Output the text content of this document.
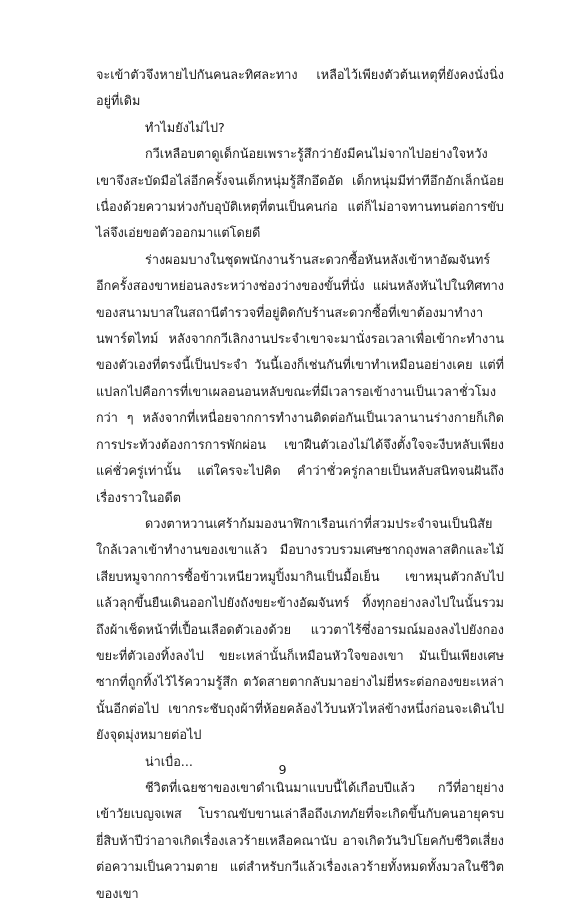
จะเข้าตัวจึงหายไปกันคนละทิศละทาง เหลือไว้เพียงตัวต้นเหตุที่ยังคงนั่งนิ่งอยู่ที่เดิม

ทำไมยังไม่ไป?

กวีเหลือบตาดูเด็กน้อยเพราะรู้สึกว่ายังมีคนไม่จากไปอย่างใจหวัง เขาจึงสะบัดมือไล่อีกครั้งจนเด็กหนุ่มรู้สึกอึดอัด เด็กหนุ่มมีท่าทีอึกอักเล็กน้อยเนื่องด้วยความห่วงกับอุบัติเหตุที่ตนเป็นคนก่อ แต่ก็ไม่อาจทานทนต่อการขับไล่จึงเอ่ยขอตัวออกมาแต่โดยดี

ร่างผอมบางในชุดพนักงานร้านสะดวกซื้อหันหลังเข้าหาอัฒจันทร์อีกครั้งสองขาหย่อนลงระหว่างช่องว่างของขั้นที่นั่ง แผ่นหลังหันไปในทิศทางของสนามบาสในสถานีตำรวจที่อยู่ติดกับร้านสะดวกซื้อที่เขาต้องมาทำงานพาร์ตไทม์ หลังจากกวีเลิกงานประจำเขาจะมานั่งรอเวลาเพื่อเข้ากะทำงานของตัวเองที่ตรงนี้เป็นประจำ วันนี้เองก็เช่นกันที่เขาทำเหมือนอย่างเคย แต่ที่แปลกไปคือการที่เขาเผลอนอนหลับขณะที่มีเวลารอเข้างานเป็นเวลาชั่วโมงกว่า ๆ หลังจากที่เหนื่อยจากการทำงานติดต่อกันเป็นเวลานานร่างกายก็เกิดการประท้วงต้องการการพักผ่อน เขาฝืนตัวเองไม่ได้จึงตั้งใจจะงีบหลับเพียงแค่ชั่วครู่เท่านั้น แต่ใครจะไปคิด คำว่าชั่วครู่กลายเป็นหลับสนิทจนฝันถึงเรื่องราวในอดีต

ดวงตาหวานเศร้าก้มมองนาฬิกาเรือนเก่าที่สวมประจำจนเป็นนิสัย ใกล้เวลาเข้าทำงานของเขาแล้ว มือบางรวบรวมเศษซากถุงพลาสติกและไม้เสียบหมูจากการซื้อข้าวเหนียวหมูปิ้งมากินเป็นมื้อเย็น เขาหมุนตัวกลับไปแล้วลุกขึ้นยืนเดินออกไปยังถังขยะข้างอัฒจันทร์ ทิ้งทุกอย่างลงไปในนั้นรวมถึงผ้าเช็ดหน้าที่เปื้อนเลือดตัวเองด้วย แววตาไร้ซึ่งอารมณ์มองลงไปยังกองขยะที่ตัวเองทิ้งลงไป ขยะเหล่านั้นก็เหมือนหัวใจของเขา มันเป็นเพียงเศษซากที่ถูกทิ้งไว้ไร้ความรู้สึก ตวัดสายตากลับมาอย่างไม่ยี่หระต่อกองขยะเหล่านั้นอีกต่อไป เขากระชับถุงผ้าที่ห้อยคล้องไว้บนหัวไหล่ข้างหนึ่งก่อนจะเดินไปยังจุดมุ่งหมายต่อไป

น่าเบื่อ...

ชีวิตที่เฉยชาของเขาดำเนินมาแบบนี้ได้เกือบปีแล้ว กวีที่อายุย่างเข้าวัยเบญจเพส โบราณขับขานเล่าลือถึงเภทภัยที่จะเกิดขึ้นกับคนอายุครบยี่สิบห้าปีว่าอาจเกิดเรื่องเลวร้ายเหลือคณานับ อาจเกิดวันวิปโยคกับชีวิตเสี่ยงต่อความเป็นความตาย แต่สำหรับกวีแล้วเรื่องเลวร้ายทั้งหมดทั้งมวลในชีวิตของเขา

9
